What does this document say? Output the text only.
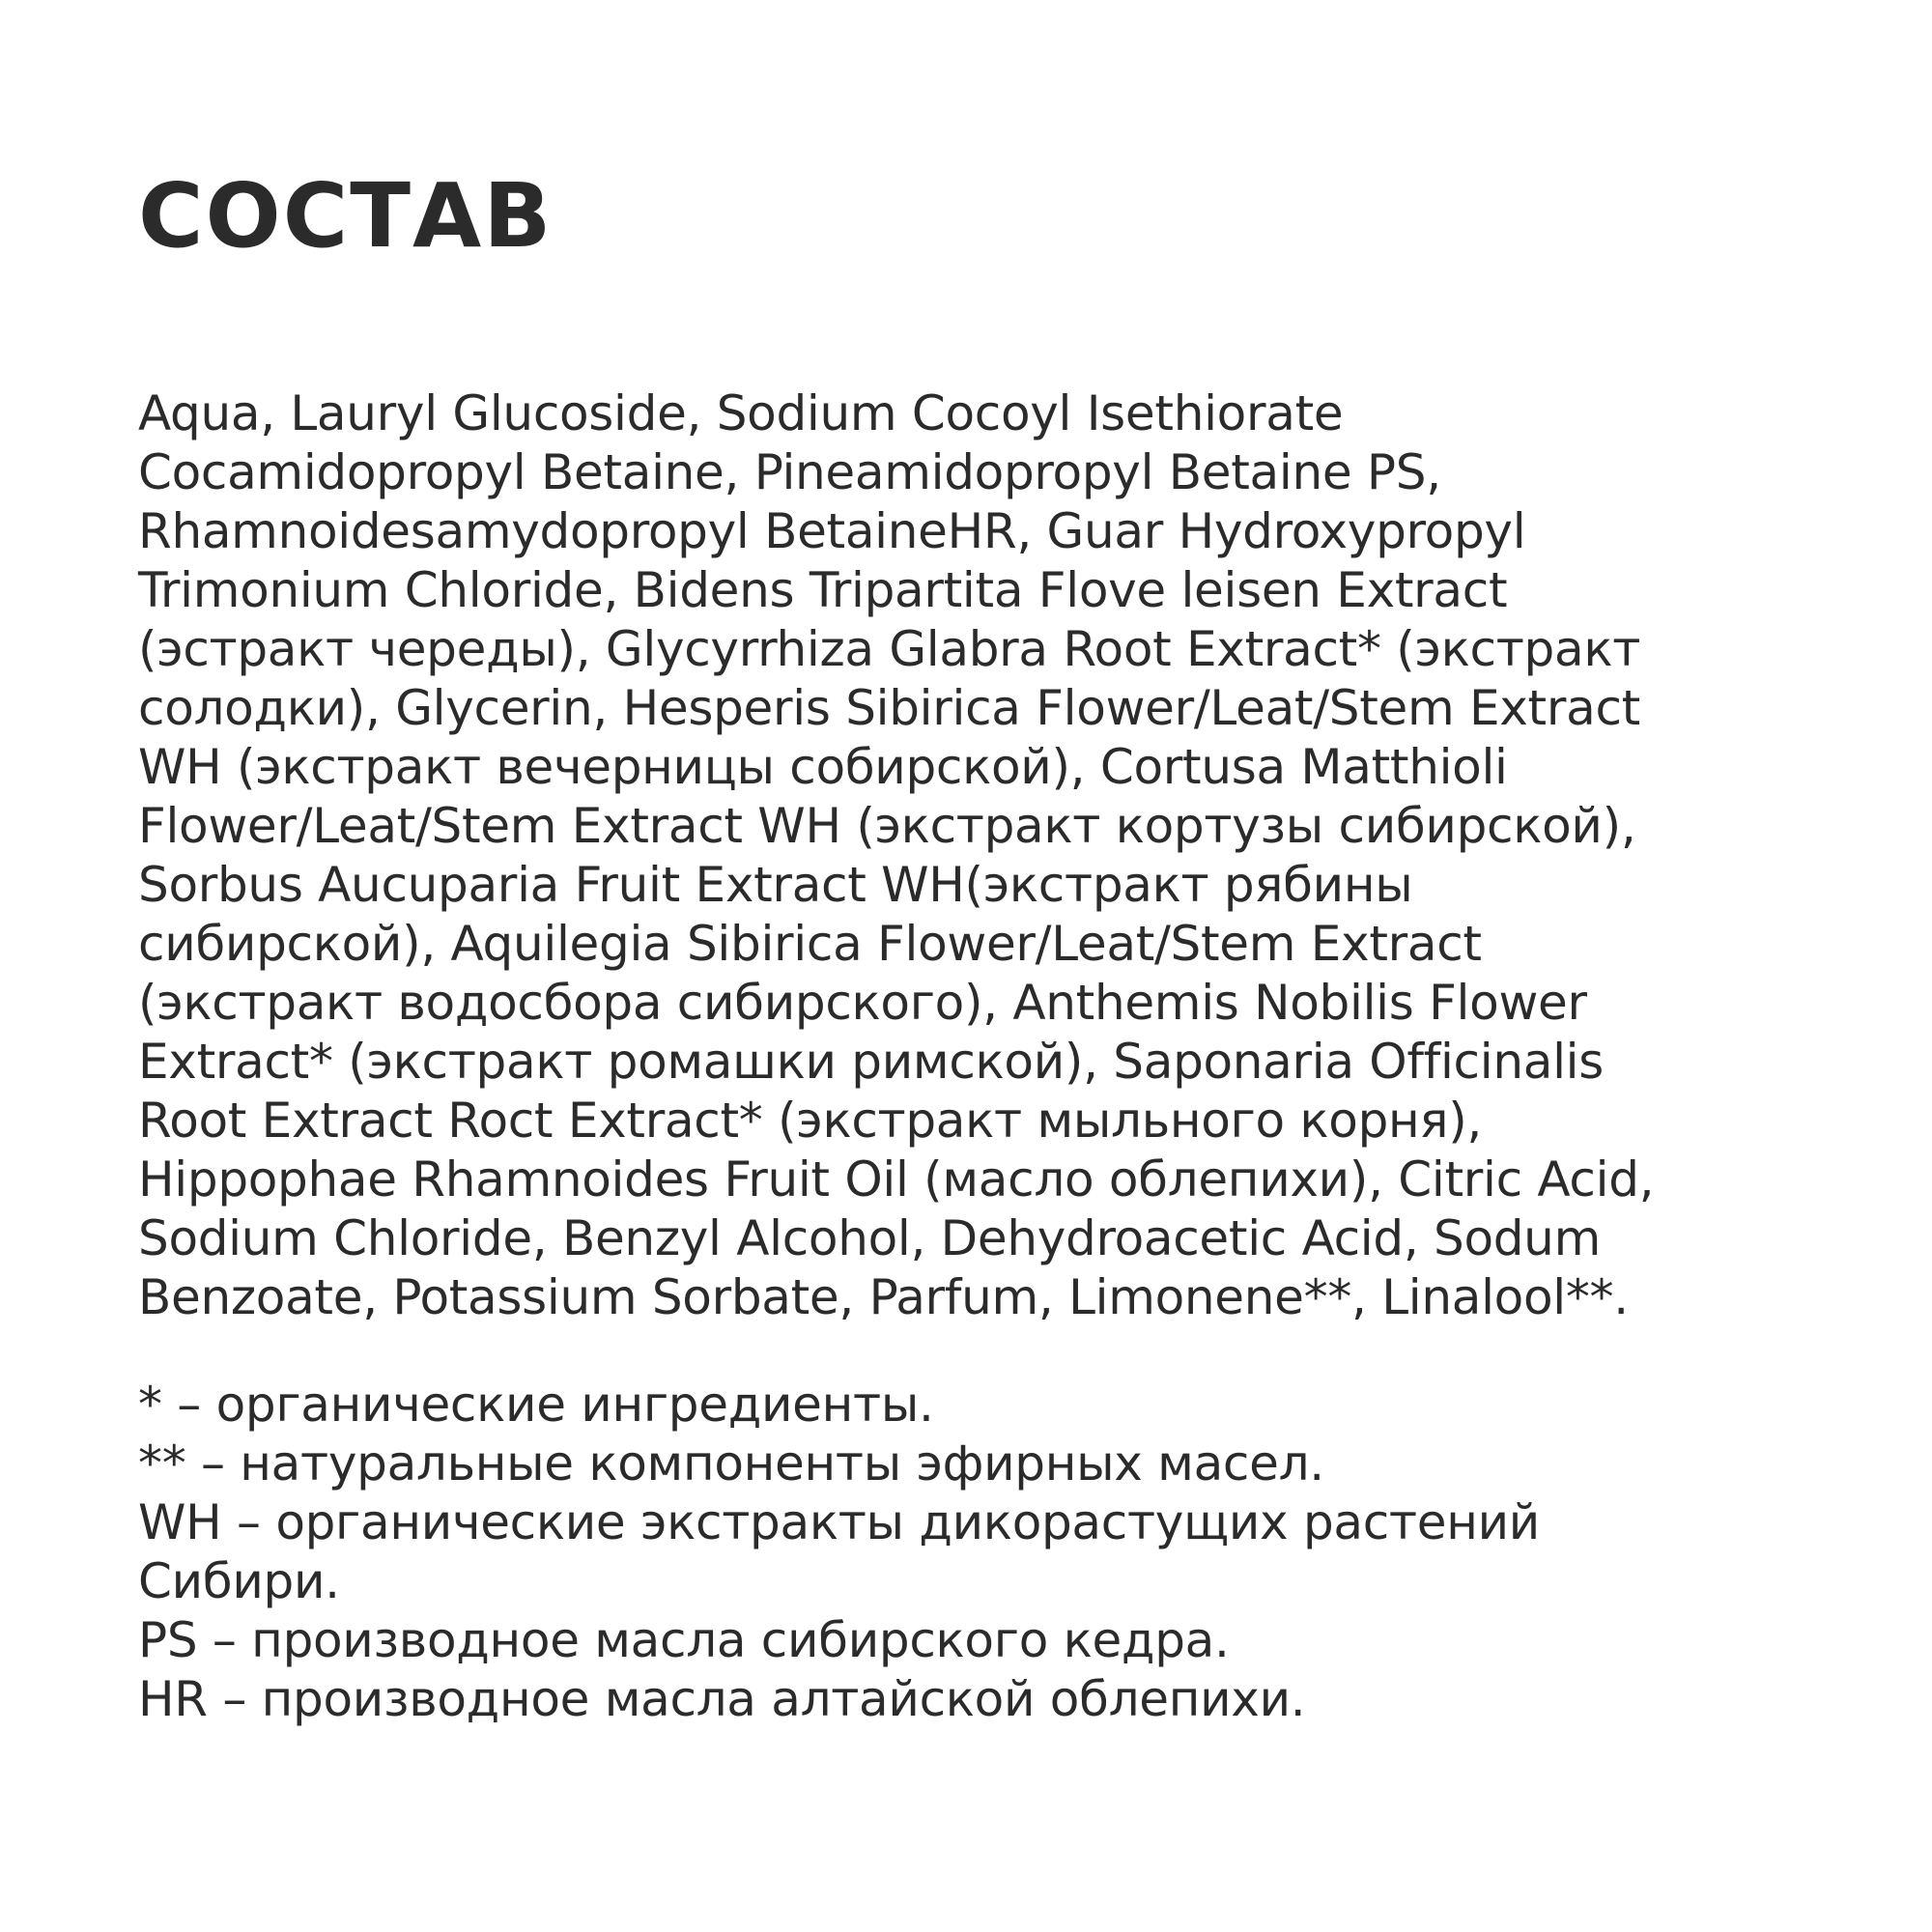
СОСТАВ
Aqua, Lauryl Glucoside, Sodium Cocoyl Isethiorate
Cocamidopropyl Betaine, Pineamidopropyl Betaine PS,
Rhamnoidesamydopropyl BetaineHR, Guar Hydroxypropyl
Trimonium Chloride, Bidens Tripartita Flove leisen Extract
(эстракт череды), Glycyrrhiza Glabra Root Extract* (экстракт
солодки), Glycerin, Hesperis Sibirica Flower/Leat/Stem Extract
WH (экстракт вечерницы собирской), Cortusa Matthioli
Flower/Leat/Stem Extract WH (экстракт кортузы сибирской),
Sorbus Aucuparia Fruit Extract WH(экстракт рябины
сибирской), Aquilegia Sibirica Flower/Leat/Stem Extract
(экстракт водосбора сибирского), Anthemis Nobilis Flower
Extract* (экстракт ромашки римской), Saponaria Officinalis
Root Extract Roct Extract* (экстракт мыльного корня),
Hippophae Rhamnoides Fruit Oil (масло облепихи), Citric Acid,
Sodium Chloride, Benzyl Alcohol, Dehydroacetic Acid, Sodum
Benzoate, Potassium Sorbate, Parfum, Limonene**, Linalool**.
* – органические ингредиенты.
** – натуральные компоненты эфирных масел.
WH – органические экстракты дикорастущих растений
Сибири.
PS – производное масла сибирского кедра.
HR – производное масла алтайской облепихи.
